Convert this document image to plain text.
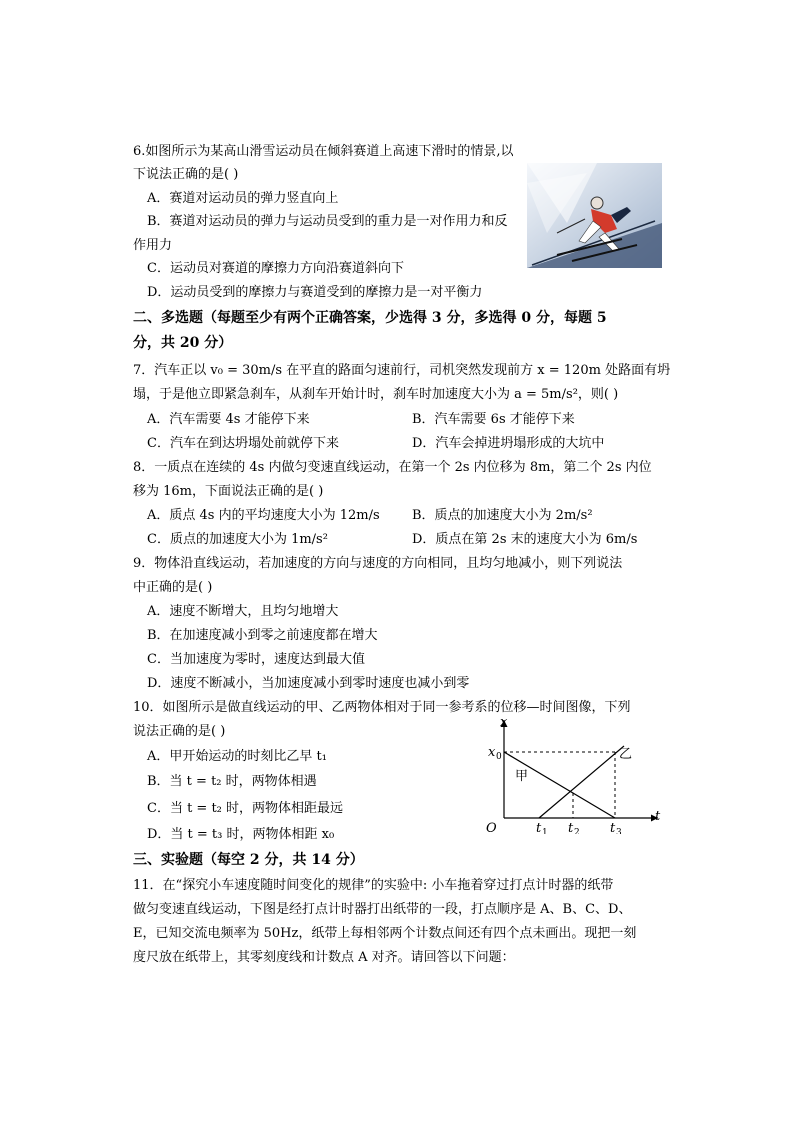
6.如图所示为某高山滑雪运动员在倾斜赛道上高速下滑时的情景,以
下说法正确的是( )
A．赛道对运动员的弹力竖直向上
B．赛道对运动员的弹力与运动员受到的重力是一对作用力和反
作用力
C．运动员对赛道的摩擦力方向沿赛道斜向下
D．运动员受到的摩擦力与赛道受到的摩擦力是一对平衡力
二、多选题（每题至少有两个正确答案，少选得 3 分，多选得 0 分，每题 5
分，共 20 分）
7．汽车正以 v₀ = 30m/s 在平直的路面匀速前行，司机突然发现前方 x = 120m 处路面有坍
塌，于是他立即紧急刹车，从刹车开始计时，刹车时加速度大小为 a = 5m/s²，则( )
A．汽车需要 4s 才能停下来	B．汽车需要 6s 才能停下来
C．汽车在到达坍塌处前就停下来	D．汽车会掉进坍塌形成的大坑中
8．一质点在连续的 4s 内做匀变速直线运动，在第一个 2s 内位移为 8m，第二个 2s 内位
移为 16m，下面说法正确的是( )
A．质点 4s 内的平均速度大小为 12m/s B．质点的加速度大小为 2m/s²
C．质点的加速度大小为 1m/s²	D．质点在第 2s 末的速度大小为 6m/s
9．物体沿直线运动，若加速度的方向与速度的方向相同，且均匀地减小，则下列说法
中正确的是( )
A．速度不断增大，且均匀地增大
B．在加速度减小到零之前速度都在增大
C．当加速度为零时，速度达到最大值
D．速度不断减小，当加速度减小到零时速度也减小到零
10．如图所示是做直线运动的甲、乙两物体相对于同一参考系的位移—时间图像，下列
说法正确的是( )
A．甲开始运动的时刻比乙早 t₁
B．当 t = t₂ 时，两物体相遇
C．当 t = t₂ 时，两物体相距最远
D．当 t = t₃ 时，两物体相距 x₀
x
t
O
x 0
t 1 t 2 t 3
甲
乙
三、实验题（每空 2 分，共 14 分）
11．在“探究小车速度随时间变化的规律”的实验中: 小车拖着穿过打点计时器的纸带
做匀变速直线运动，下图是经打点计时器打出纸带的一段，打点顺序是 A、B、C、D、
E，已知交流电频率为 50Hz，纸带上每相邻两个计数点间还有四个点未画出。现把一刻
度尺放在纸带上，其零刻度线和计数点 A 对齐。请回答以下问题：
